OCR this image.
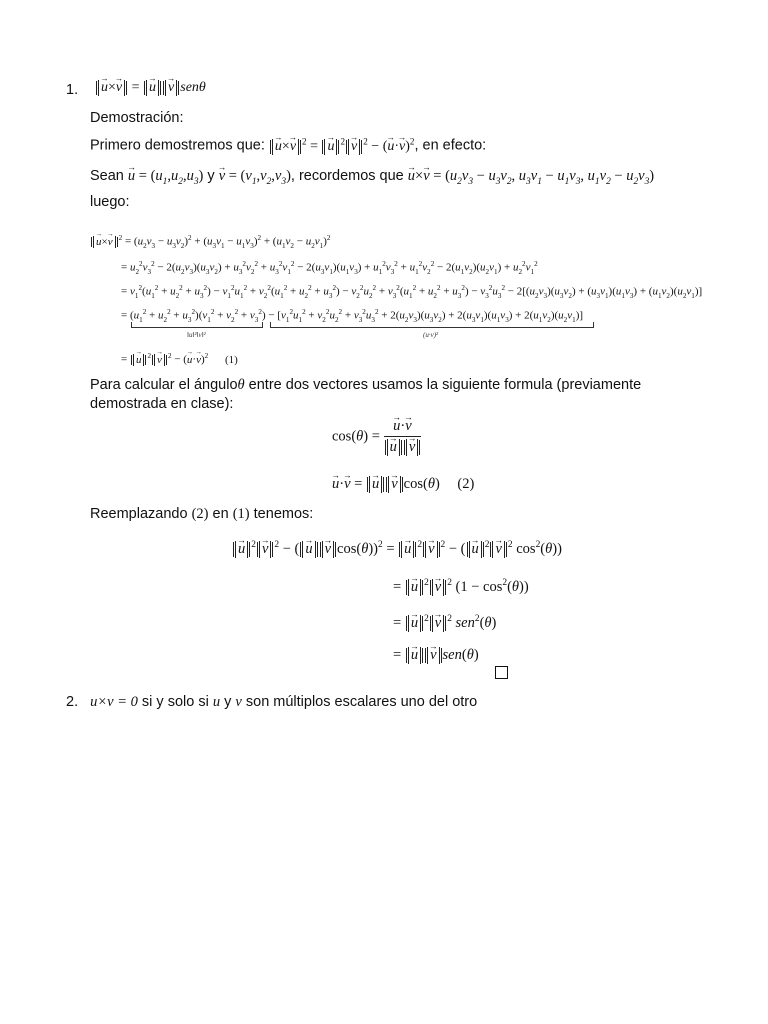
1.	→ u×→ v = → u → v senθ
Demostración:
Primero demostremos que: → u×→ v $^2$ = → u $^2$ → v $^2$ − (→ u·→ v)$^2$, en efecto:
Sean → $u = (u_1,u_2,u_3) y \to v = (v_1,v_2,v_3)$, recordemos que → $u\times\to v = (u_2v_3 - u_3v_2$, $u_3v_1 - u_1v_3$, $u_1v_2 - u_2v_3$)
luego:
→ u×→ v $^2 = (u_2v_3 - u_3v_2)^2 + (u_3v_1 - u_1v_3)^2 + (u_1v_2 - u_2v_1)^2$
= $u_2^2v_3^2 - 2(u_2v_3)(u_3v_2) + u_3^2v_2^2 + u_3^2v_1^2 - 2(u_3v_1)(u_1v_3) + u_1^2v_3^2 + u_1^2v_2^2 - 2(u_1v_2)(u_2v_1) + u_2^2v_1^2$
= $v_1^2(u_1^2 + u_2^2 + u_3^2) - v_1^2u_1^2 + v_2^2(u_1^2 + u_2^2 + u_3^2) - v_2^2u_2^2 + v_3^2(u_1^2 + u_2^2 + u_3^2) - v_3^2u_3^2 - 2[(u_2v_3)(u_3v_2) + (u_3v_1)(u_1v_3) + (u_1v_2)(u_2v_1)]$
= $(u_1^2 + u_2^2 + u_3^2)(v_1^2 + v_2^2 + v_3^2) - [v_1^2u_1^2 + v_2^2u_2^2 + v_3^2u_3^2 + 2(u_2v_3)(u_3v_2) + 2(u_3v_1)(u_1v_3) + 2(u_1v_2)(u_2v_1)]$
‖u‖²‖v‖²	(u·v)²
= → u $^2$ → v $^2$ − (→ u·→ v)$^2$ (1)
Para calcular el ánguloθ entre dos vectores usamos la siguiente formula (previamente
demostrada en clase):
cos(θ) = → u·→ v
→ u → v
→ u·→ v = → u → v cos(θ) (2)
Reemplazando (2) en (1) tenemos:
→ u $^2$ → v $^2$ − ( → u → v cos(θ))$^2$ = → u $^2$ → v $^2$ − ( → u $^2$ → v $^2$ $\cos^2(\theta)$)
= → u $^2$ → v $^2$ $(1 - \cos^2(\theta))$
= → u $^2$ → v $^2$ sen$^2$(θ)
= → u → v sen(θ)
2. u×v = 0 si y solo si u y v son múltiplos escalares uno del otro
